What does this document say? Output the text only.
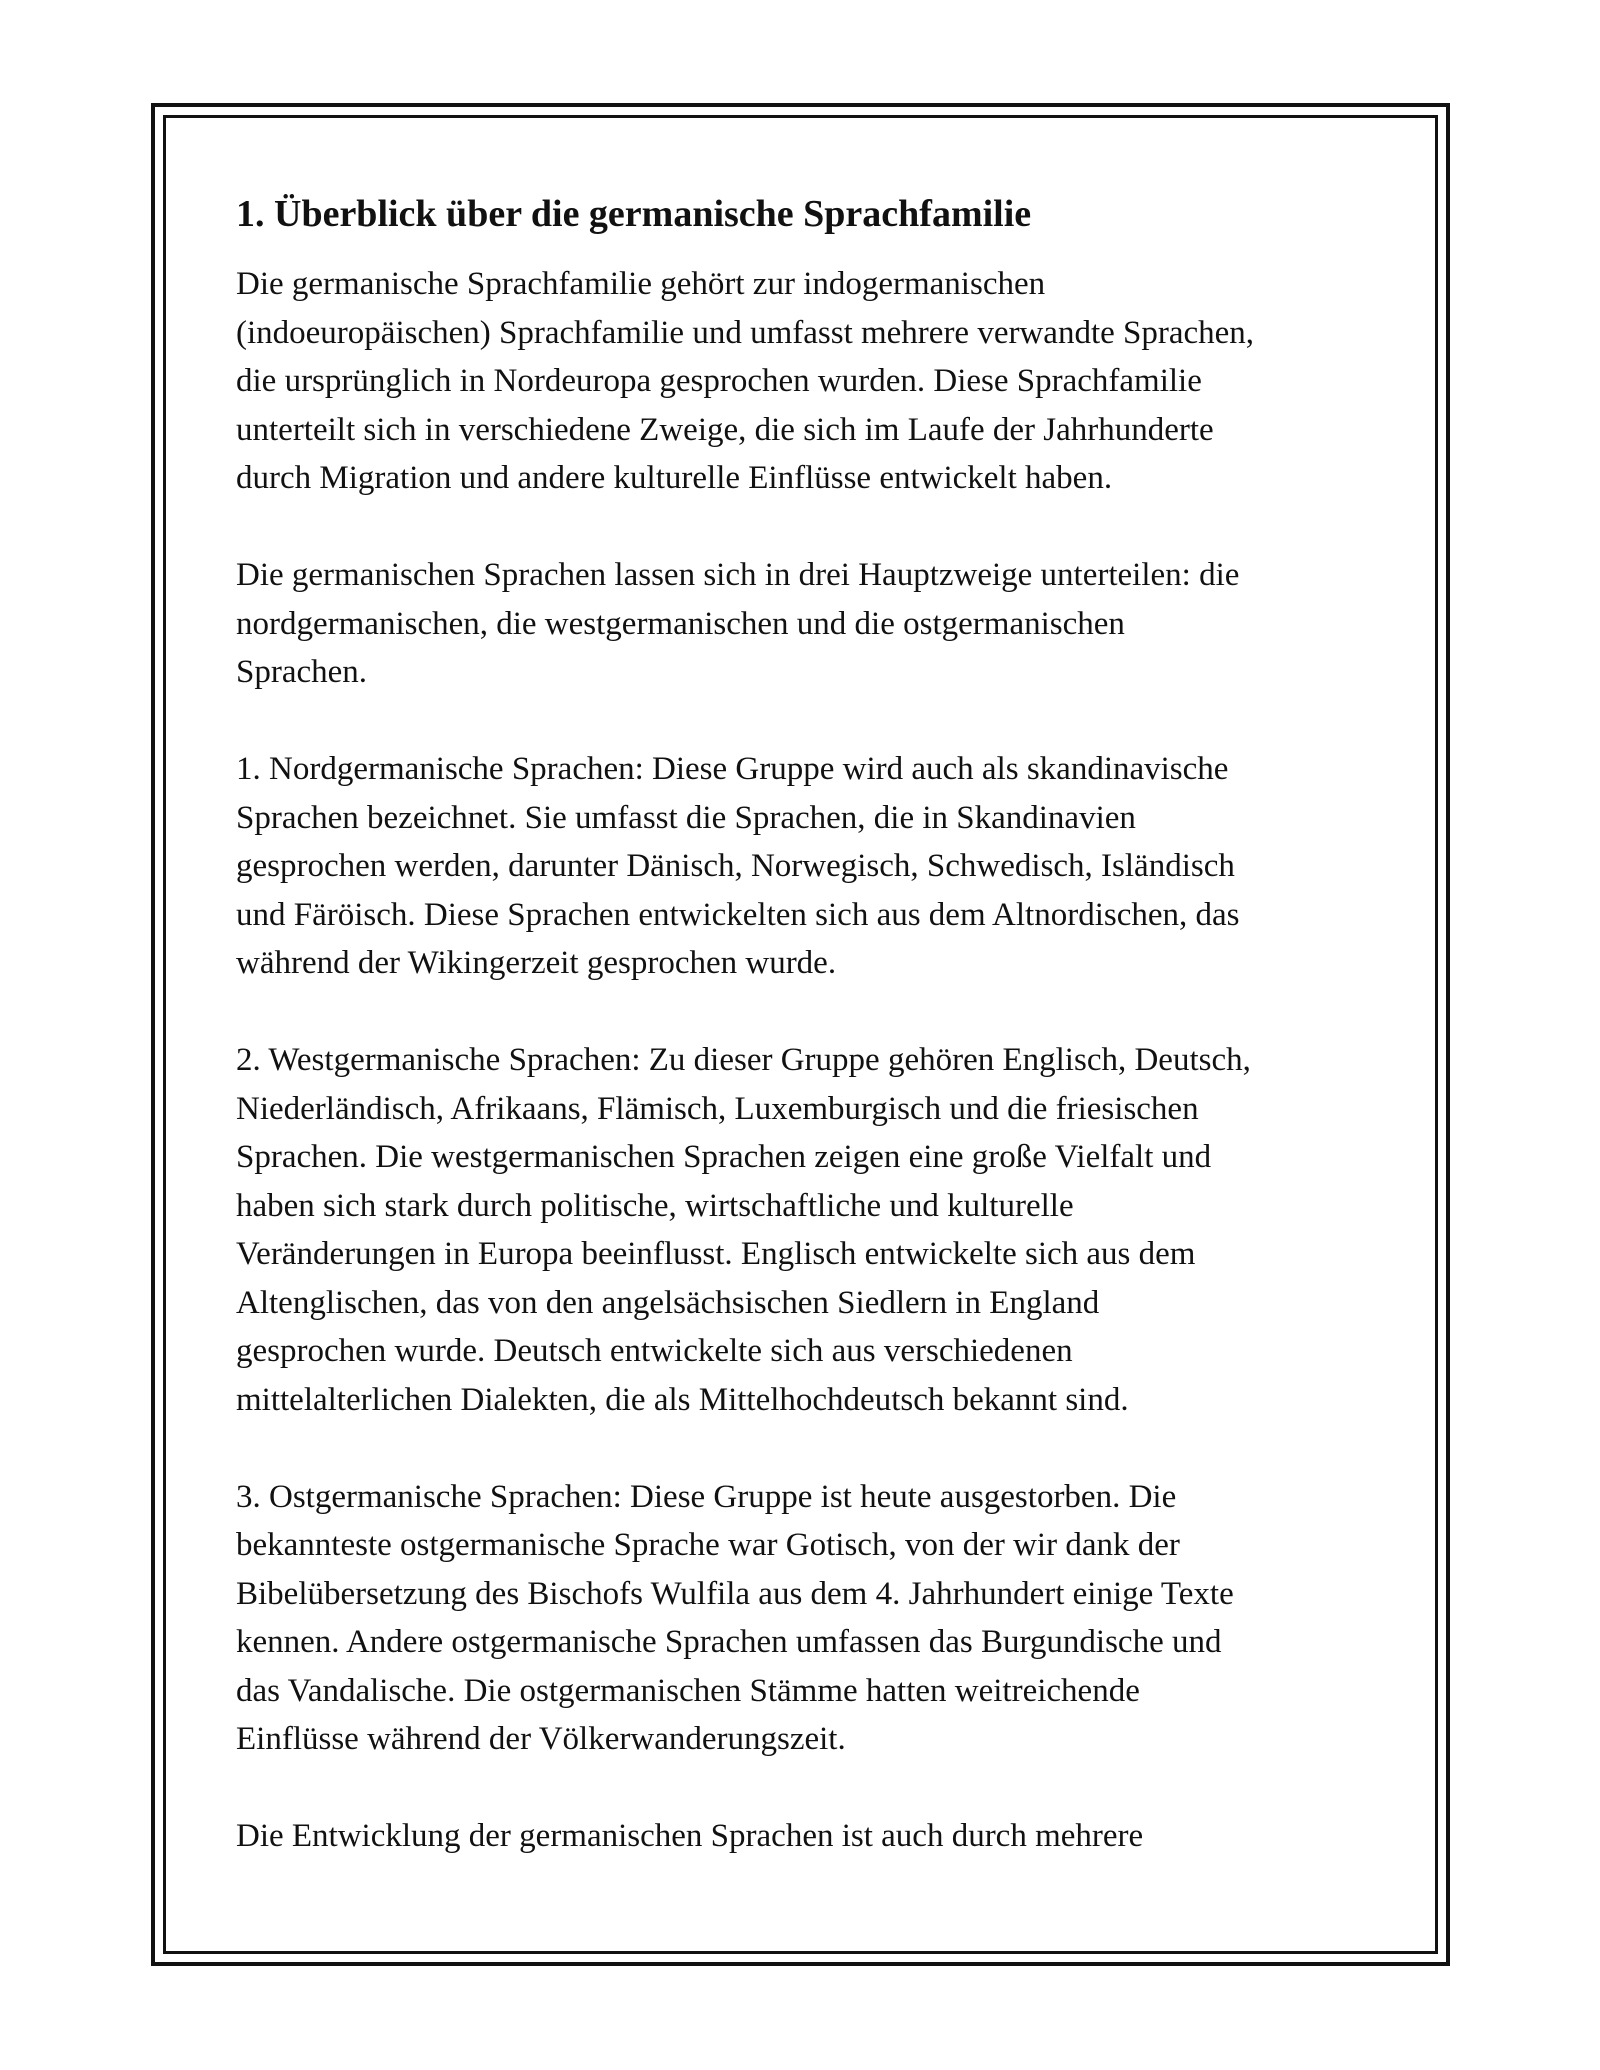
1. Überblick über die germanische Sprachfamilie
Die germanische Sprachfamilie gehört zur indogermanischen
(indoeuropäischen) Sprachfamilie und umfasst mehrere verwandte Sprachen,
die ursprünglich in Nordeuropa gesprochen wurden. Diese Sprachfamilie
unterteilt sich in verschiedene Zweige, die sich im Laufe der Jahrhunderte
durch Migration und andere kulturelle Einflüsse entwickelt haben.
Die germanischen Sprachen lassen sich in drei Hauptzweige unterteilen: die
nordgermanischen, die westgermanischen und die ostgermanischen
Sprachen.
1. Nordgermanische Sprachen: Diese Gruppe wird auch als skandinavische
Sprachen bezeichnet. Sie umfasst die Sprachen, die in Skandinavien
gesprochen werden, darunter Dänisch, Norwegisch, Schwedisch, Isländisch
und Färöisch. Diese Sprachen entwickelten sich aus dem Altnordischen, das
während der Wikingerzeit gesprochen wurde.
2. Westgermanische Sprachen: Zu dieser Gruppe gehören Englisch, Deutsch,
Niederländisch, Afrikaans, Flämisch, Luxemburgisch und die friesischen
Sprachen. Die westgermanischen Sprachen zeigen eine große Vielfalt und
haben sich stark durch politische, wirtschaftliche und kulturelle
Veränderungen in Europa beeinflusst. Englisch entwickelte sich aus dem
Altenglischen, das von den angelsächsischen Siedlern in England
gesprochen wurde. Deutsch entwickelte sich aus verschiedenen
mittelalterlichen Dialekten, die als Mittelhochdeutsch bekannt sind.
3. Ostgermanische Sprachen: Diese Gruppe ist heute ausgestorben. Die
bekannteste ostgermanische Sprache war Gotisch, von der wir dank der
Bibelübersetzung des Bischofs Wulfila aus dem 4. Jahrhundert einige Texte
kennen. Andere ostgermanische Sprachen umfassen das Burgundische und
das Vandalische. Die ostgermanischen Stämme hatten weitreichende
Einflüsse während der Völkerwanderungszeit.
Die Entwicklung der germanischen Sprachen ist auch durch mehrere
